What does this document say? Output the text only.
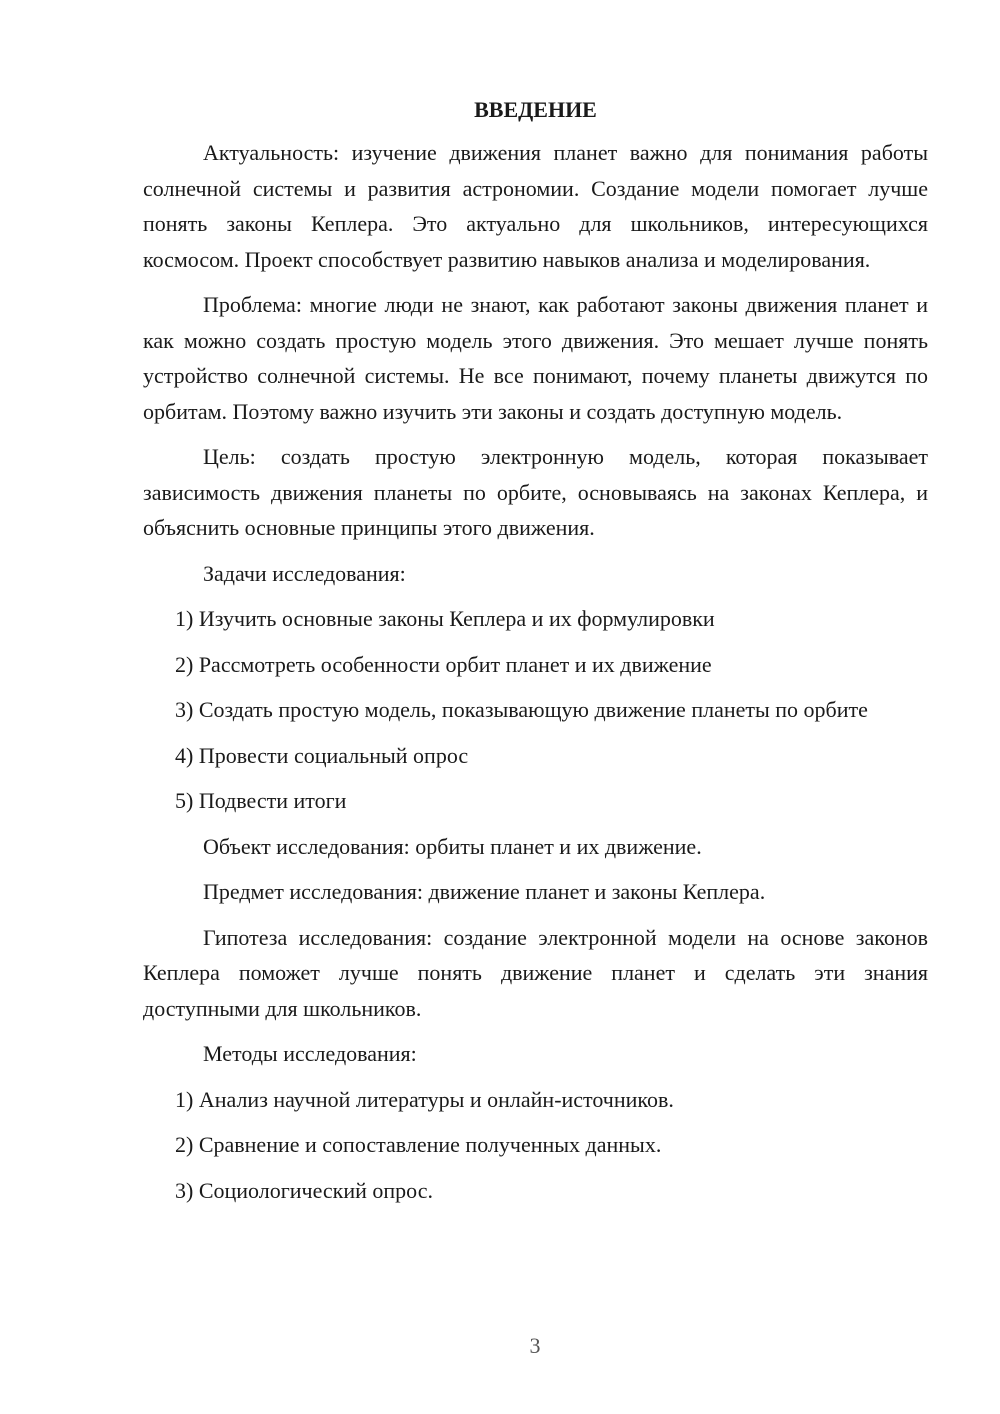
ВВЕДЕНИЕ

Актуальность: изучение движения планет важно для понимания работы солнечной системы и развития астрономии. Создание модели помогает лучше понять законы Кеплера. Это актуально для школьников, интересующихся космосом. Проект способствует развитию навыков анализа и моделирования.

Проблема: многие люди не знают, как работают законы движения планет и как можно создать простую модель этого движения. Это мешает лучше понять устройство солнечной системы. Не все понимают, почему планеты движутся по орбитам. Поэтому важно изучить эти законы и создать доступную модель.

Цель: создать простую электронную модель, которая показывает зависимость движения планеты по орбите, основываясь на законах Кеплера, и объяснить основные принципы этого движения.

Задачи исследования:

1) Изучить основные законы Кеплера и их формулировки

2) Рассмотреть особенности орбит планет и их движение

3) Создать простую модель, показывающую движение планеты по орбите

4) Провести социальный опрос

5) Подвести итоги

Объект исследования: орбиты планет и их движение.

Предмет исследования: движение планет и законы Кеплера.

Гипотеза исследования: создание электронной модели на основе законов Кеплера поможет лучше понять движение планет и сделать эти знания доступными для школьников.

Методы исследования:

1) Анализ научной литературы и онлайн-источников.

2) Сравнение и сопоставление полученных данных.

3) Социологический опрос.

3
